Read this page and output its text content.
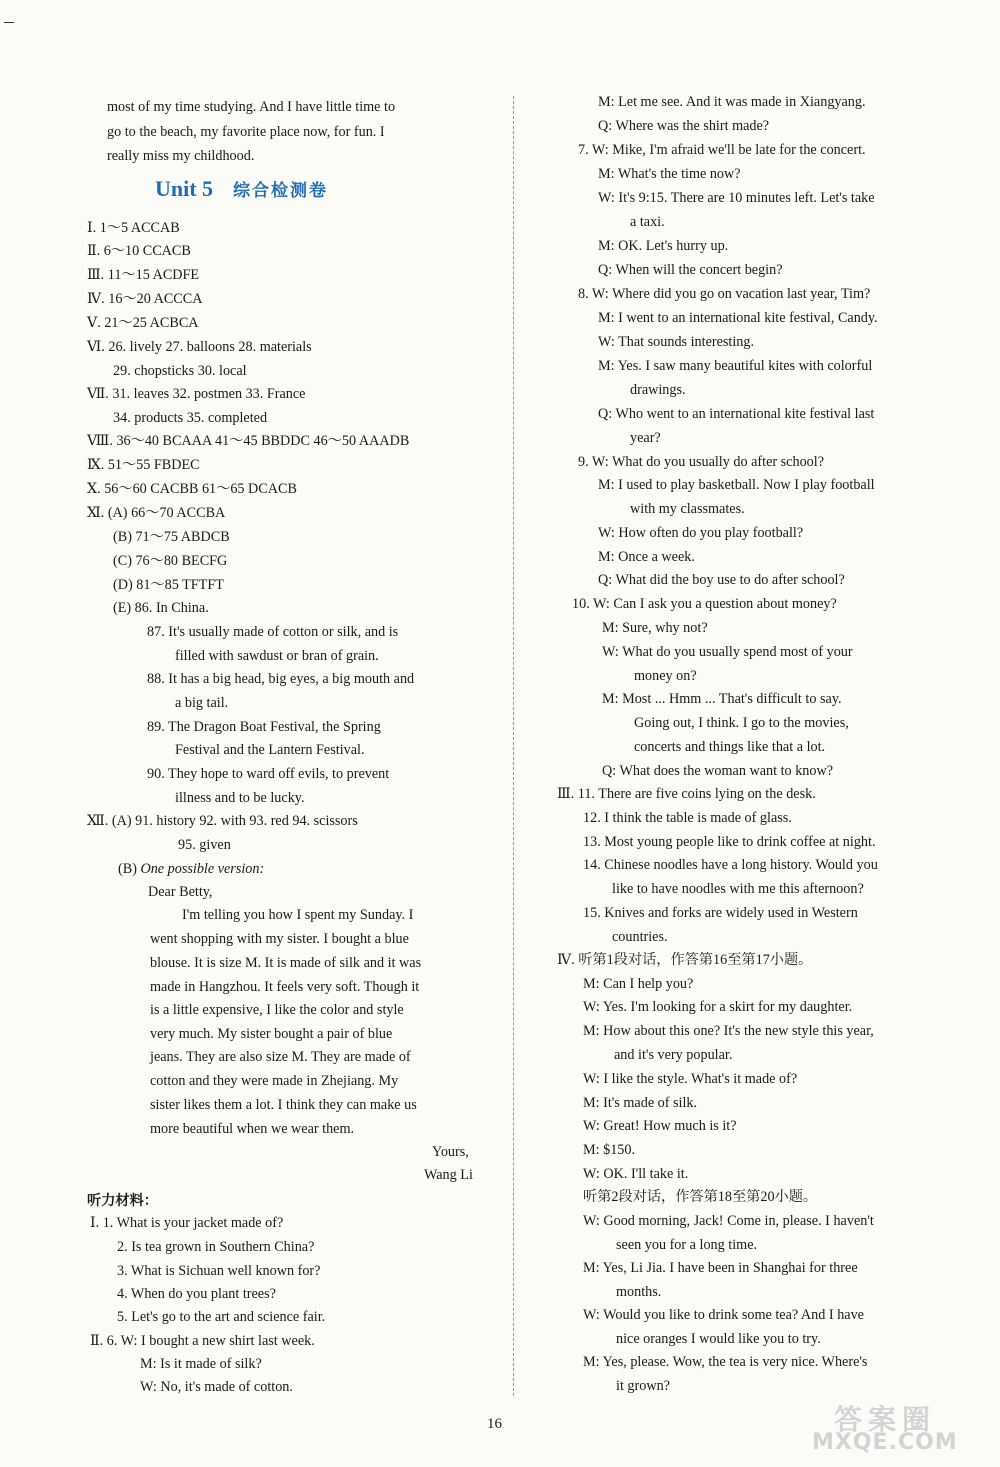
most of my time studying. And I have little time to
go to the beach, my favorite place now, for fun. I
really miss my childhood.
Unit 5 综合检测卷
Ⅰ. 1～5 ACCAB
Ⅱ. 6～10 CCACB
Ⅲ. 11～15 ACDFE
Ⅳ. 16～20 ACCCA
Ⅴ. 21～25 ACBCA
Ⅵ. 26. lively 27. balloons 28. materials
29. chopsticks 30. local
Ⅶ. 31. leaves 32. postmen 33. France
34. products 35. completed
Ⅷ. 36～40 BCAAA 41～45 BBDDC 46～50 AAADB
Ⅸ. 51～55 FBDEC
Ⅹ. 56～60 CACBB 61～65 DCACB
Ⅺ. (A) 66～70 ACCBA
(B) 71～75 ABDCB
(C) 76～80 BECFG
(D) 81～85 TFTFT
(E) 86. In China.
87. It's usually made of cotton or silk, and is
filled with sawdust or bran of grain.
88. It has a big head, big eyes, a big mouth and
a big tail.
89. The Dragon Boat Festival, the Spring
Festival and the Lantern Festival.
90. They hope to ward off evils, to prevent
illness and to be lucky.
Ⅻ. (A) 91. history 92. with 93. red 94. scissors
95. given
(B) One possible version:
Dear Betty,
I'm telling you how I spent my Sunday. I
went shopping with my sister. I bought a blue
blouse. It is size M. It is made of silk and it was
made in Hangzhou. It feels very soft. Though it
is a little expensive, I like the color and style
very much. My sister bought a pair of blue
jeans. They are also size M. They are made of
cotton and they were made in Zhejiang. My
sister likes them a lot. I think they can make us
more beautiful when we wear them.
Yours,
Wang Li
听力材料：
Ⅰ. 1. What is your jacket made of?
2. Is tea grown in Southern China?
3. What is Sichuan well known for?
4. When do you plant trees?
5. Let's go to the art and science fair.
Ⅱ. 6. W: I bought a new shirt last week.
M: Is it made of silk?
W: No, it's made of cotton.
M: Let me see. And it was made in Xiangyang.
Q: Where was the shirt made?
7. W: Mike, I'm afraid we'll be late for the concert.
M: What's the time now?
W: It's 9:15. There are 10 minutes left. Let's take
a taxi.
M: OK. Let's hurry up.
Q: When will the concert begin?
8. W: Where did you go on vacation last year, Tim?
M: I went to an international kite festival, Candy.
W: That sounds interesting.
M: Yes. I saw many beautiful kites with colorful
drawings.
Q: Who went to an international kite festival last
year?
9. W: What do you usually do after school?
M: I used to play basketball. Now I play football
with my classmates.
W: How often do you play football?
M: Once a week.
Q: What did the boy use to do after school?
10. W: Can I ask you a question about money?
M: Sure, why not?
W: What do you usually spend most of your
money on?
M: Most ... Hmm ... That's difficult to say.
Going out, I think. I go to the movies,
concerts and things like that a lot.
Q: What does the woman want to know?
Ⅲ. 11. There are five coins lying on the desk.
12. I think the table is made of glass.
13. Most young people like to drink coffee at night.
14. Chinese noodles have a long history. Would you
like to have noodles with me this afternoon?
15. Knives and forks are widely used in Western
countries.
Ⅳ. 听第1段对话，作答第16至第17小题。
M: Can I help you?
W: Yes. I'm looking for a skirt for my daughter.
M: How about this one? It's the new style this year,
and it's very popular.
W: I like the style. What's it made of?
M: It's made of silk.
W: Great! How much is it?
M: $150.
W: OK. I'll take it.
听第2段对话，作答第18至第20小题。
W: Good morning, Jack! Come in, please. I haven't
seen you for a long time.
M: Yes, Li Jia. I have been in Shanghai for three
months.
W: Would you like to drink some tea? And I have
nice oranges I would like you to try.
M: Yes, please. Wow, the tea is very nice. Where's
it grown?
16	答案圈
MXQE.COM
